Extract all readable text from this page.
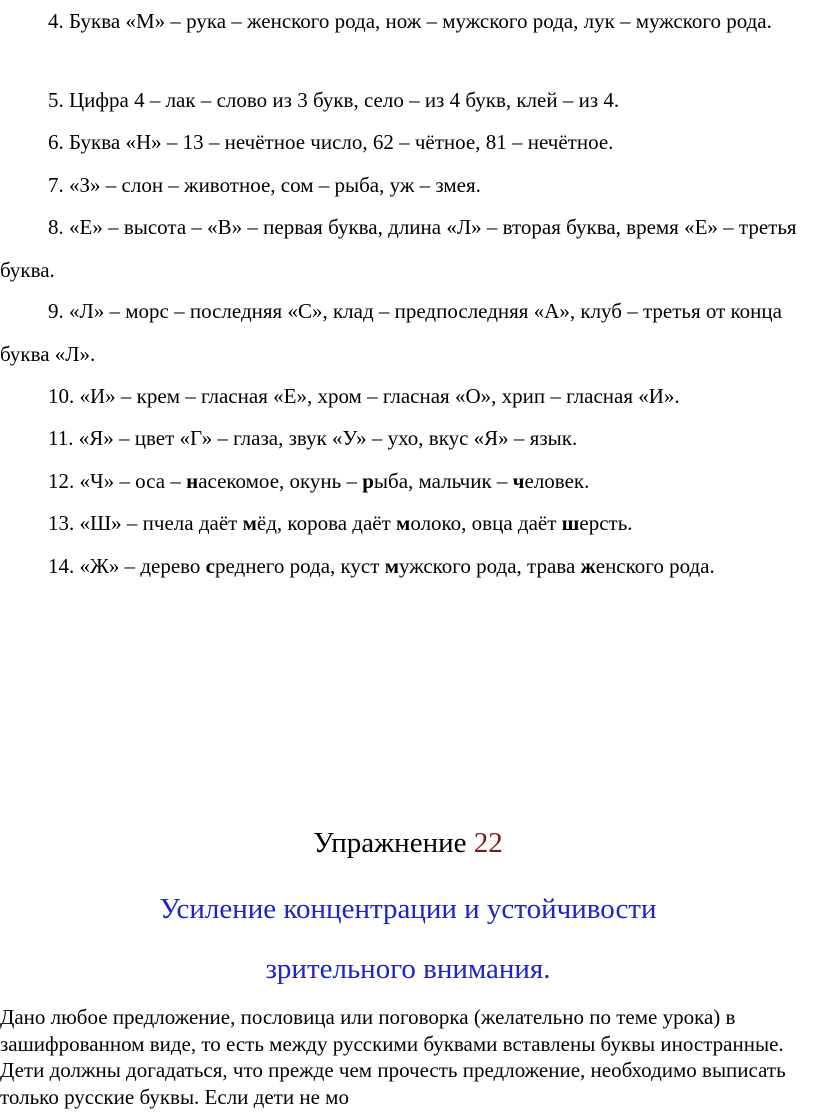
4. Буква «М» – рука – женского рода, нож – мужского рода, лук – мужского рода.

5. Цифра 4 – лак – слово из 3 букв, село – из 4 букв, клей – из 4.

6. Буква «Н» – 13 – нечётное число, 62 – чётное, 81 – нечётное.

7. «З» – слон – животное, сом – рыба, уж – змея.

8. «Е» – высота – «В» – первая буква, длина «Л» – вторая буква, время «Е» – третья буква.

9. «Л» – морс – последняя «С», клад – предпоследняя «А», клуб – третья от конца буква «Л».

10. «И» – крем – гласная «Е», хром – гласная «О», хрип – гласная «И».

11. «Я» – цвет «Г» – глаза, звук «У» – ухо, вкус «Я» – язык.

12. «Ч» – оса – насекомое, окунь – рыба, мальчик – человек.

13. «Ш» – пчела даёт мёд, корова даёт молоко, овца даёт шерсть.

14. «Ж» – дерево среднего рода, куст мужского рода, трава женского рода.

Упражнение 22

Усиление концентрации и устойчивости

зрительного внимания.

Дано любое предложение, пословица или поговорка (желательно по теме урока) в зашифрованном виде, то есть между русскими буквами вставлены буквы иностранные. Дети должны догадаться, что прежде чем прочесть предложение, необходимо выписать только русские буквы. Если дети не мо
